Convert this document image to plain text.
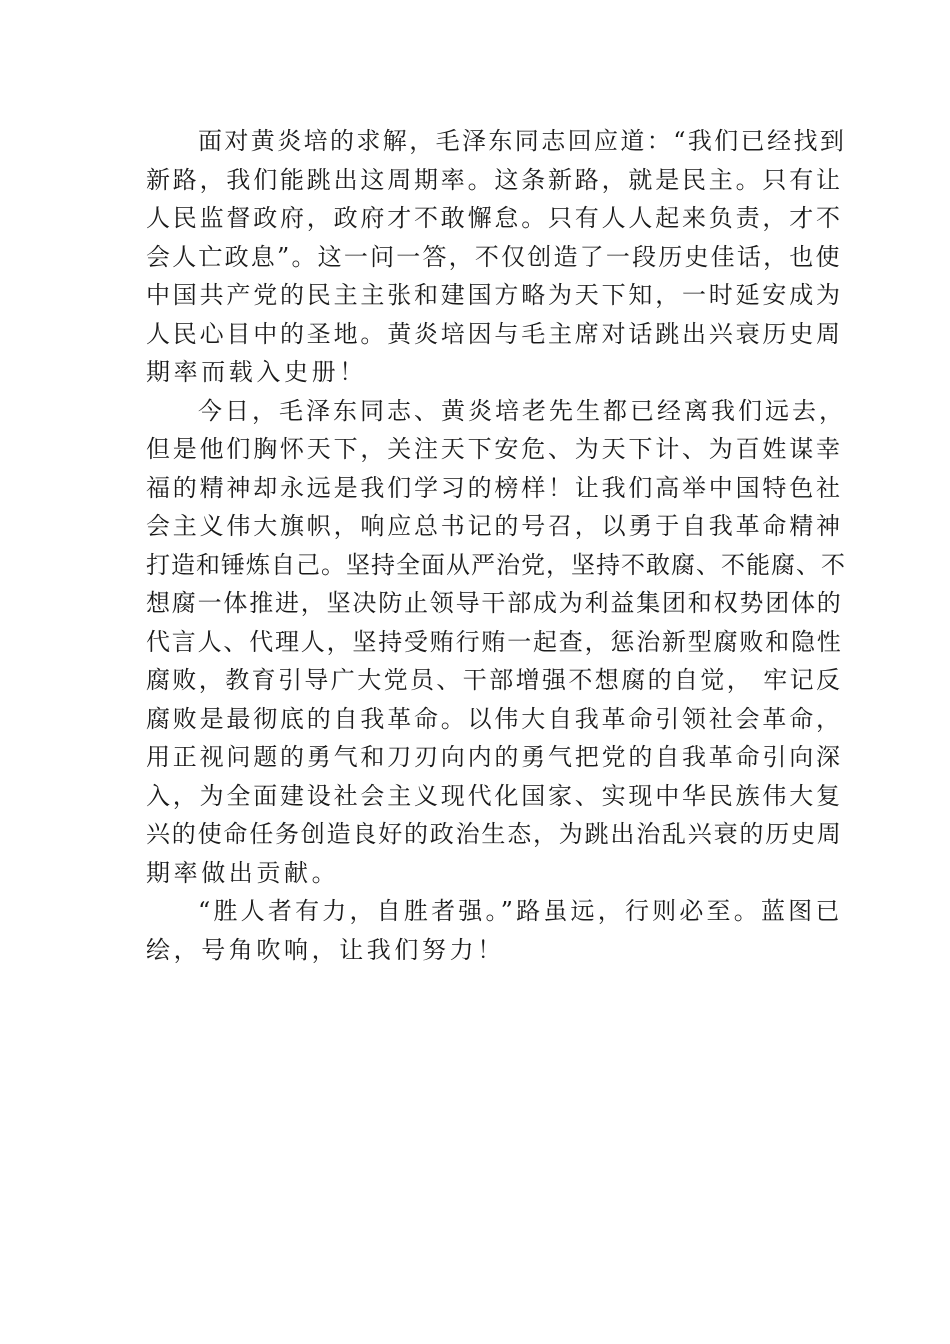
面对黄炎培的求解，毛泽东同志回应道：“我们已经找到
新路，我们能跳出这周期率。这条新路，就是民主。只有让
人民监督政府，政府才不敢懈怠。只有人人起来负责，才不
会人亡政息”。这一问一答，不仅创造了一段历史佳话，也使
中国共产党的民主主张和建国方略为天下知，一时延安成为
人民心目中的圣地。黄炎培因与毛主席对话跳出兴衰历史周
期率而载入史册！
今日，毛泽东同志、黄炎培老先生都已经离我们远去，
但是他们胸怀天下，关注天下安危、为天下计、为百姓谋幸
福的精神却永远是我们学习的榜样！让我们高举中国特色社
会主义伟大旗帜，响应总书记的号召，以勇于自我革命精神
打造和锤炼自己。坚持全面从严治党，坚持不敢腐、不能腐、不
想腐一体推进，坚决防止领导干部成为利益集团和权势团体的
代言人、代理人，坚持受贿行贿一起查，惩治新型腐败和隐性
腐败，教育引导广大党员、干部增强不想腐的自觉， 牢记反
腐败是最彻底的自我革命。以伟大自我革命引领社会革命，
用正视问题的勇气和刀刃向内的勇气把党的自我革命引向深
入，为全面建设社会主义现代化国家、实现中华民族伟大复
兴的使命任务创造良好的政治生态，为跳出治乱兴衰的历史周
期率做出贡献。
“胜人者有力，自胜者强。”路虽远，行则必至。蓝图已
绘，号角吹响，让我们努力！
